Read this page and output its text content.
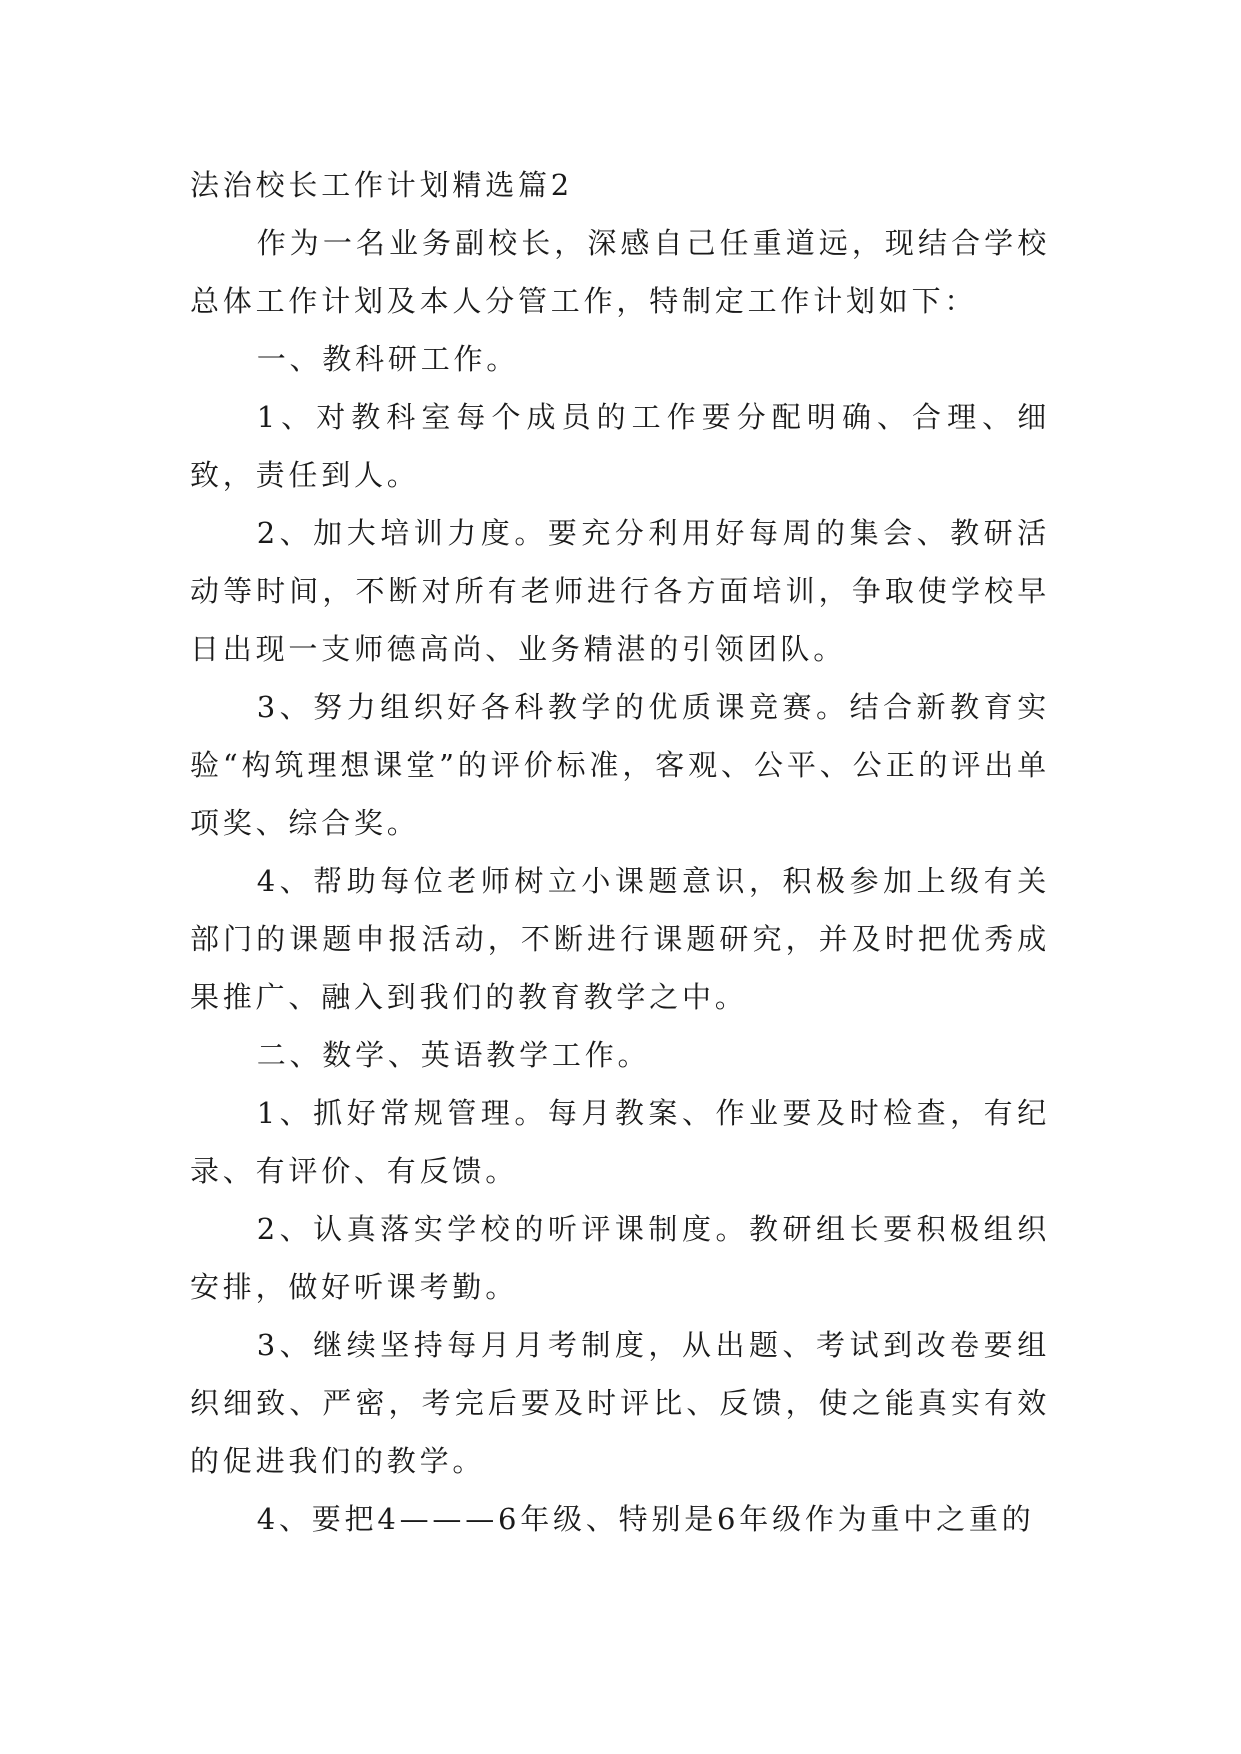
法治校长工作计划精选篇2

作为一名业务副校长，深感自己任重道远，现结合学校总体工作计划及本人分管工作，特制定工作计划如下：

一、教科研工作。

1、对教科室每个成员的工作要分配明确、合理、细致，责任到人。

2、加大培训力度。要充分利用好每周的集会、教研活动等时间，不断对所有老师进行各方面培训，争取使学校早日出现一支师德高尚、业务精湛的引领团队。

3、努力组织好各科教学的优质课竞赛。结合新教育实验“构筑理想课堂”的评价标准，客观、公平、公正的评出单项奖、综合奖。

4、帮助每位老师树立小课题意识，积极参加上级有关部门的课题申报活动，不断进行课题研究，并及时把优秀成果推广、融入到我们的教育教学之中。

二、数学、英语教学工作。

1、抓好常规管理。每月教案、作业要及时检查，有纪录、有评价、有反馈。

2、认真落实学校的听评课制度。教研组长要积极组织安排，做好听课考勤。

3、继续坚持每月月考制度，从出题、考试到改卷要组织细致、严密，考完后要及时评比、反馈，使之能真实有效的促进我们的教学。

4、要把4———6年级、特别是6年级作为重中之重的
